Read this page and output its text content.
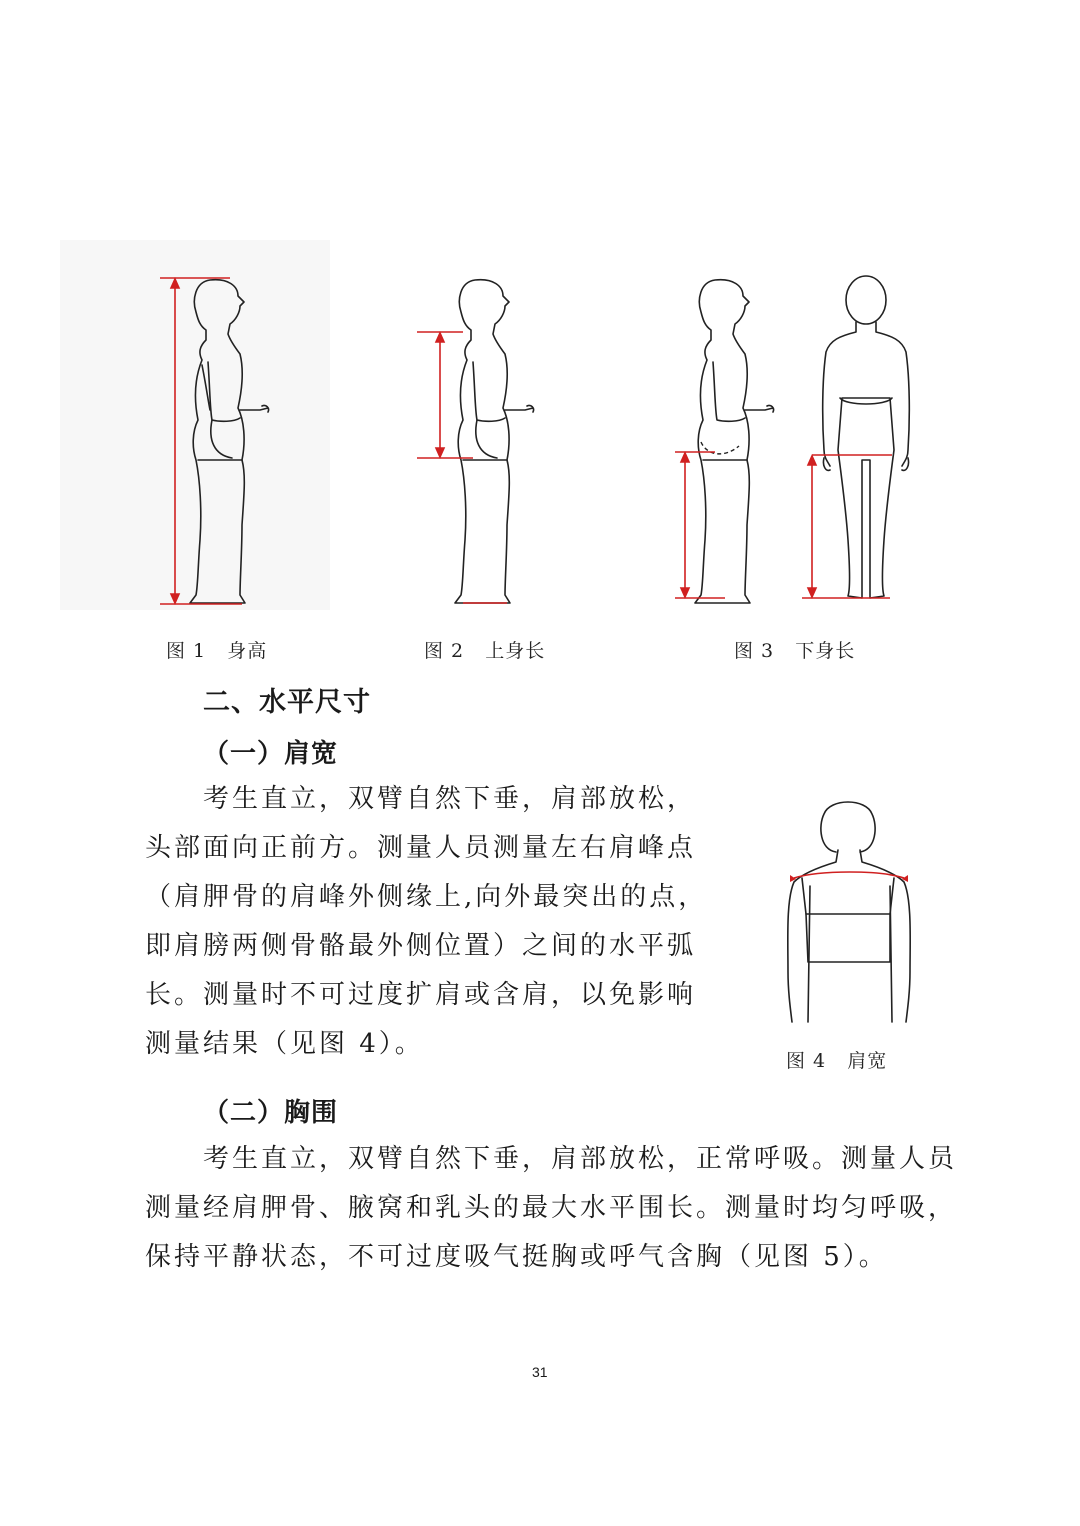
图 1   身高	图 2   上身长	图 3   下身长
二、水平尺寸
（一）肩宽
考生直立，双臂自然下垂，肩部放松，
头部面向正前方。测量人员测量左右肩峰点
（肩胛骨的肩峰外侧缘上,向外最突出的点，
即肩膀两侧骨骼最外侧位置）之间的水平弧
长。测量时不可过度扩肩或含肩，以免影响
测量结果（见图 4）。
图 4   肩宽
（二）胸围
考生直立，双臂自然下垂，肩部放松，正常呼吸。测量人员
测量经肩胛骨、腋窝和乳头的最大水平围长。测量时均匀呼吸，
保持平静状态，不可过度吸气挺胸或呼气含胸（见图 5）。
31
